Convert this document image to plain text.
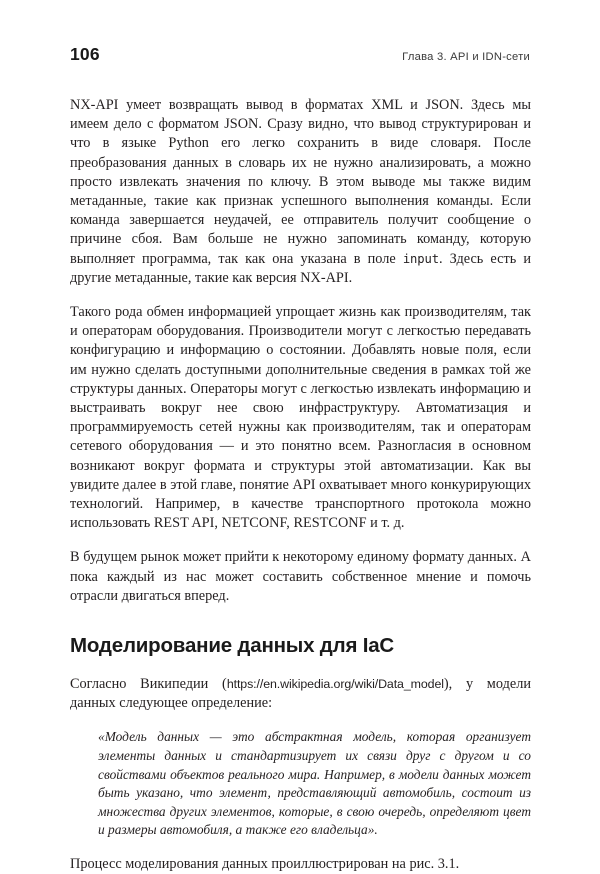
106	Глава 3. API и IDN-сети

NX-API умеет возвращать вывод в форматах XML и JSON. Здесь мы имеем дело с форматом JSON. Сразу видно, что вывод структурирован и что в языке Python его легко сохранить в виде словаря. После преобразования данных в словарь их не нужно анализировать, а можно просто извлекать значения по ключу. В этом выводе мы также видим метаданные, такие как признак успешного выполнения команды. Если команда завершается неудачей, ее отправитель получит сообщение о причине сбоя. Вам больше не нужно запоминать команду, которую выполняет программа, так как она указана в поле input. Здесь есть и другие метаданные, такие как версия NX-API.

Такого рода обмен информацией упрощает жизнь как производителям, так и операторам оборудования. Производители могут с легкостью передавать конфигурацию и информацию о состоянии. Добавлять новые поля, если им нужно сделать доступными дополнительные сведения в рамках той же структуры данных. Операторы могут с легкостью извлекать информацию и выстраивать вокруг нее свою инфраструктуру. Автоматизация и программируемость сетей нужны как производителям, так и операторам сетевого оборудования — и это понятно всем. Разногласия в основном возникают вокруг формата и структуры этой автоматизации. Как вы увидите далее в этой главе, понятие API охватывает много конкурирующих технологий. Например, в качестве транспортного протокола можно использовать REST API, NETCONF, RESTCONF и т. д.

В будущем рынок может прийти к некоторому единому формату данных. А пока каждый из нас может составить собственное мнение и помочь отрасли двигаться вперед.

Моделирование данных для IaC

Согласно Википедии (https://en.wikipedia.org/wiki/Data_model), у модели данных следующее определение:

«Модель данных — это абстрактная модель, которая организует элементы данных и стандартизирует их связи друг с другом и со свойствами объектов реального мира. Например, в модели данных может быть указано, что элемент, представляющий автомобиль, состоит из множества других элементов, которые, в свою очередь, определяют цвет и размеры автомобиля, а также его владельца».

Процесс моделирования данных проиллюстрирован на рис. 3.1.
